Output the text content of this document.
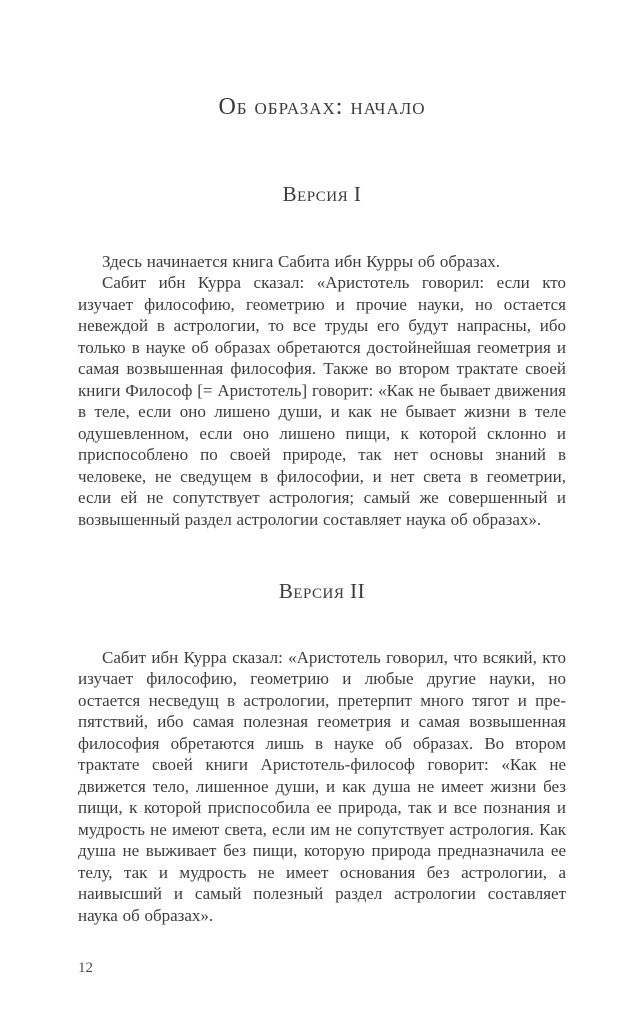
Об образах: начало
Версия I

Здесь начинается книга Сабита ибн Курры об образах.

Сабит ибн Курра сказал: «Аристотель говорил: если кто изучает философию, геометрию и прочие науки, но остается невеждой в астрологии, то все труды его будут напрасны, ибо только в науке об образах обретаются достойнейшая геометрия и самая возвышенная философия. Также во втором трактате своей книги Философ [= Аристотель] говорит: «Как не бывает движения в теле, если оно лишено души, и как не бывает жизни в теле одушевленном, если оно лишено пищи, к которой склонно и приспособлено по своей природе, так нет основы знаний в человеке, не сведущем в философии, и нет света в геометрии, если ей не сопутствует астрология; самый же совершенный и возвышенный раздел астрологии составляет наука об образах».

Версия II

Сабит ибн Курра сказал: «Аристотель говорил, что всякий, кто изучает философию, геометрию и любые другие науки, но остается несведущ в астрологии, претерпит много тягот и препятствий, ибо самая полезная геометрия и самая возвышенная философия обретаются лишь в науке об образах. Во втором трактате своей книги Аристотель-философ говорит: «Как не движется тело, лишенное души, и как душа не имеет жизни без пищи, к которой приспособила ее природа, так и все познания и мудрость не имеют света, если им не сопутствует астрология. Как душа не выживает без пищи, которую природа предназначила ее телу, так и мудрость не имеет основания без астрологии, а наивысший и самый полезный раздел астрологии составляет наука об образах».

12
